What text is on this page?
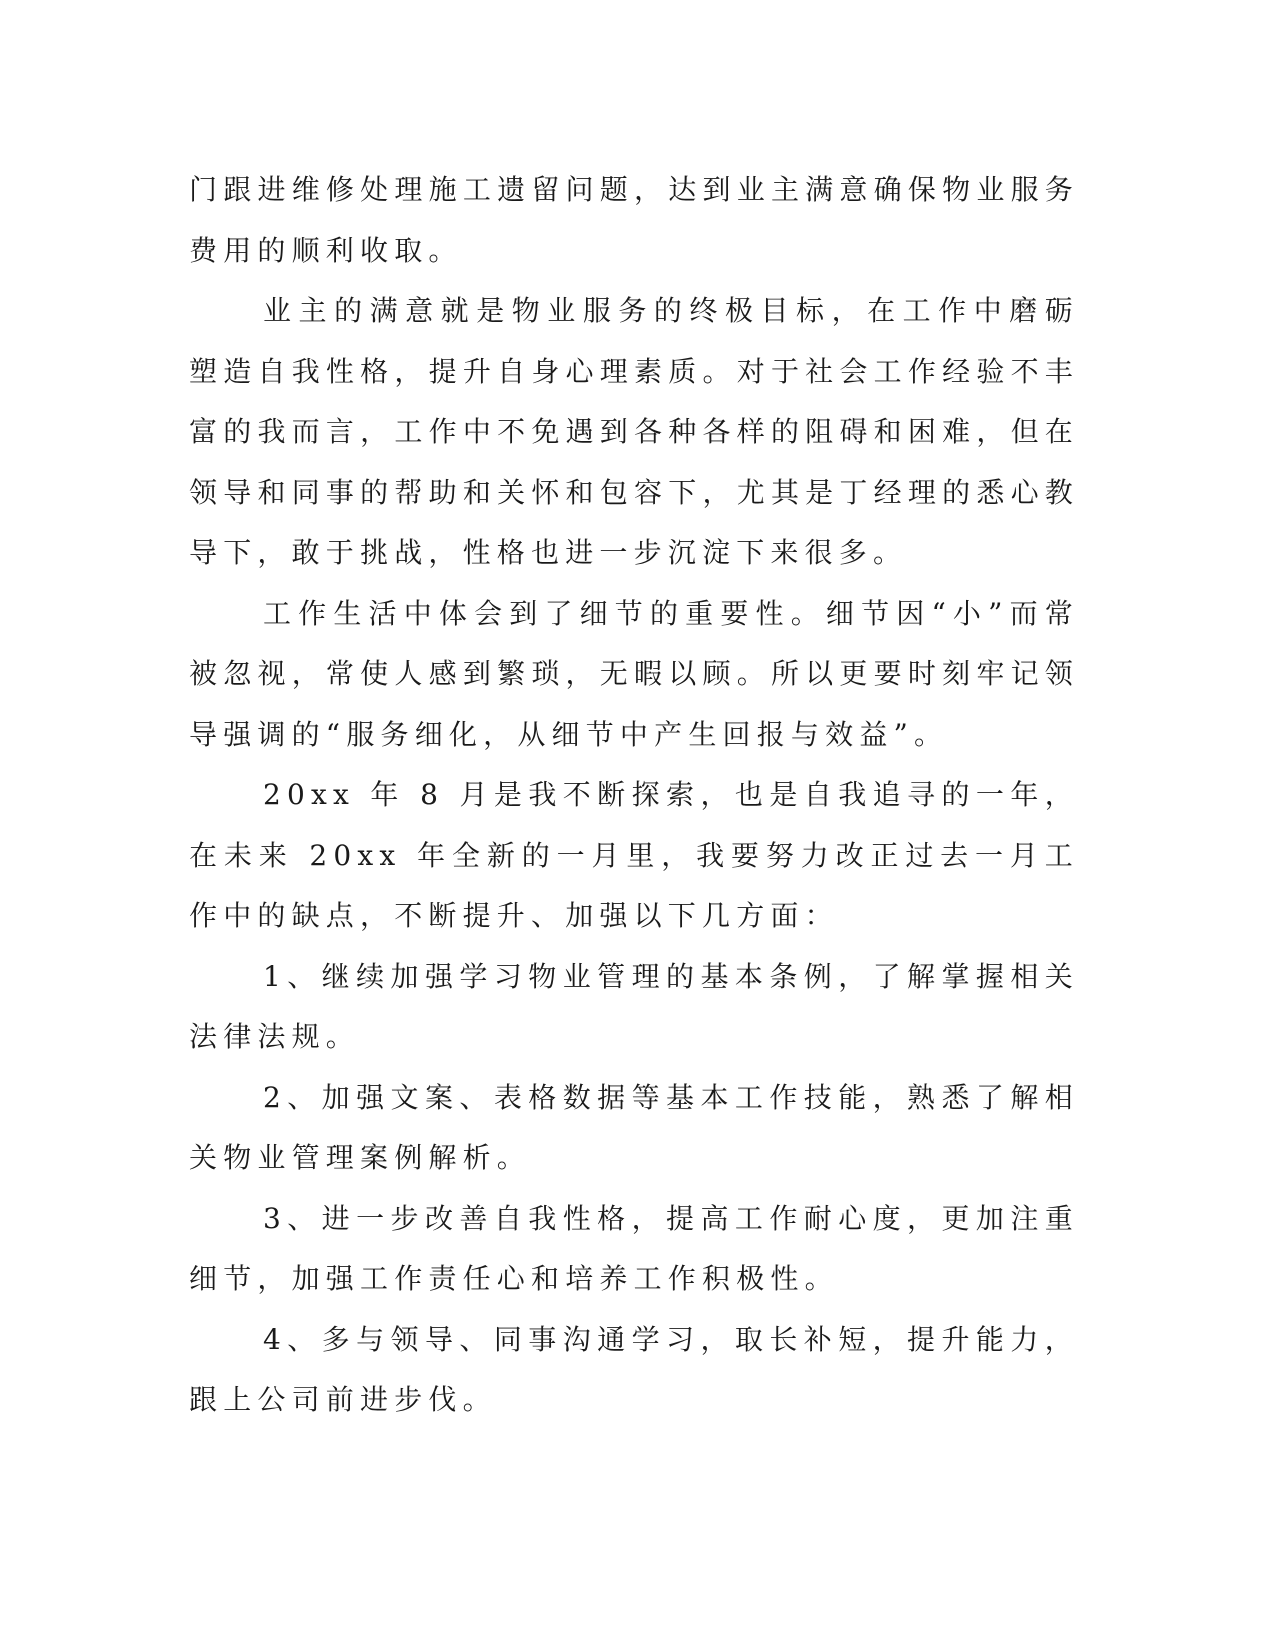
门跟进维修处理施工遗留问题，达到业主满意确保物业服务费用的顺利收取。

业主的满意就是物业服务的终极目标，在工作中磨砺塑造自我性格，提升自身心理素质。对于社会工作经验不丰富的我而言，工作中不免遇到各种各样的阻碍和困难，但在领导和同事的帮助和关怀和包容下，尤其是丁经理的悉心教导下，敢于挑战，性格也进一步沉淀下来很多。

工作生活中体会到了细节的重要性。细节因“小”而常被忽视，常使人感到繁琐，无暇以顾。所以更要时刻牢记领导强调的“服务细化，从细节中产生回报与效益”。

20xx 年 8 月是我不断探索，也是自我追寻的一年，在未来 20xx 年全新的一月里，我要努力改正过去一月工作中的缺点，不断提升、加强以下几方面：

1、继续加强学习物业管理的基本条例，了解掌握相关法律法规。

2、加强文案、表格数据等基本工作技能，熟悉了解相关物业管理案例解析。

3、进一步改善自我性格，提高工作耐心度，更加注重细节，加强工作责任心和培养工作积极性。

4、多与领导、同事沟通学习，取长补短，提升能力，跟上公司前进步伐。
